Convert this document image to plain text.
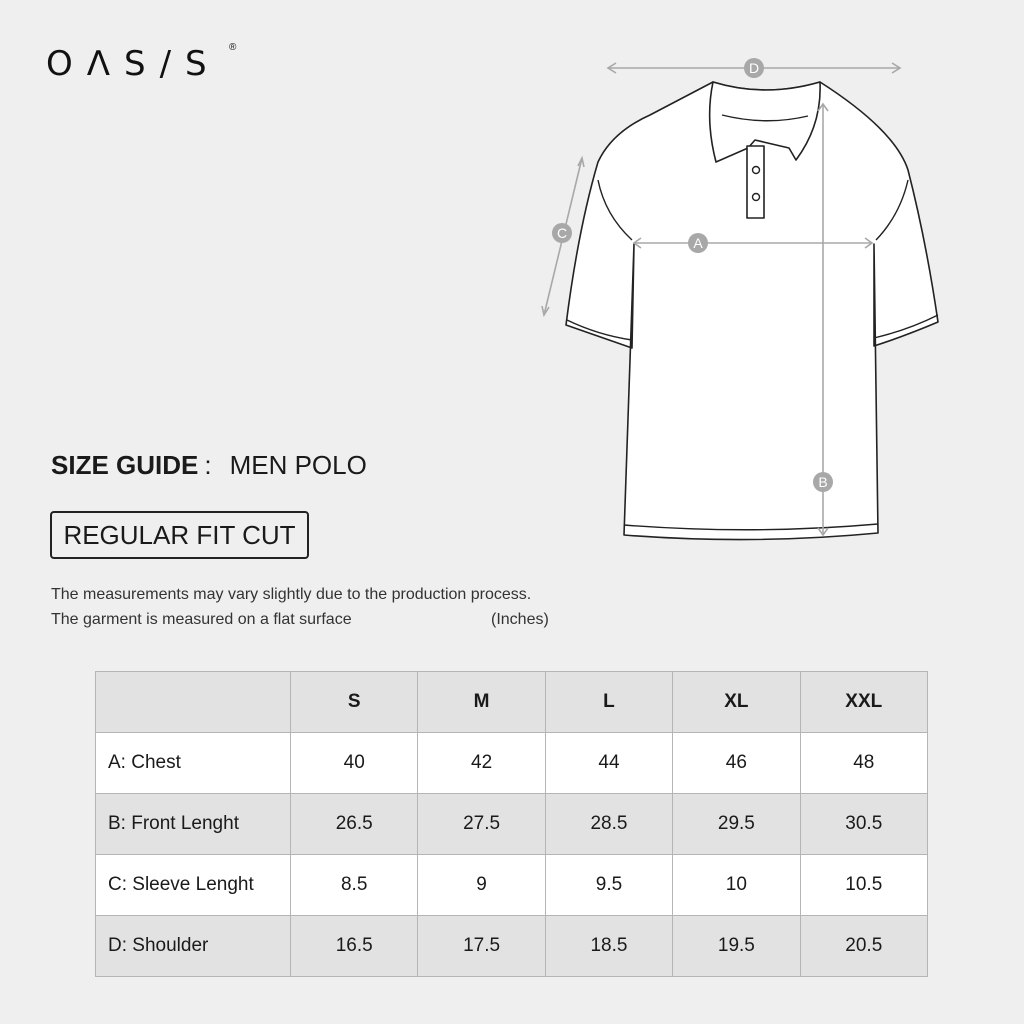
OΛS/S ®
D
A
C
B
SIZE GUIDE : MEN POLO
REGULAR FIT CUT
The measurements may vary slightly due to the production process.
The garment is measured on a flat surface	(Inches)
	S	M	L	XL	XXL
A: Chest	40	42	44	46	48
B: Front Lenght	26.5	27.5	28.5	29.5	30.5
C: Sleeve Lenght	8.5	9	9.5	10	10.5
D: Shoulder	16.5	17.5	18.5	19.5	20.5
